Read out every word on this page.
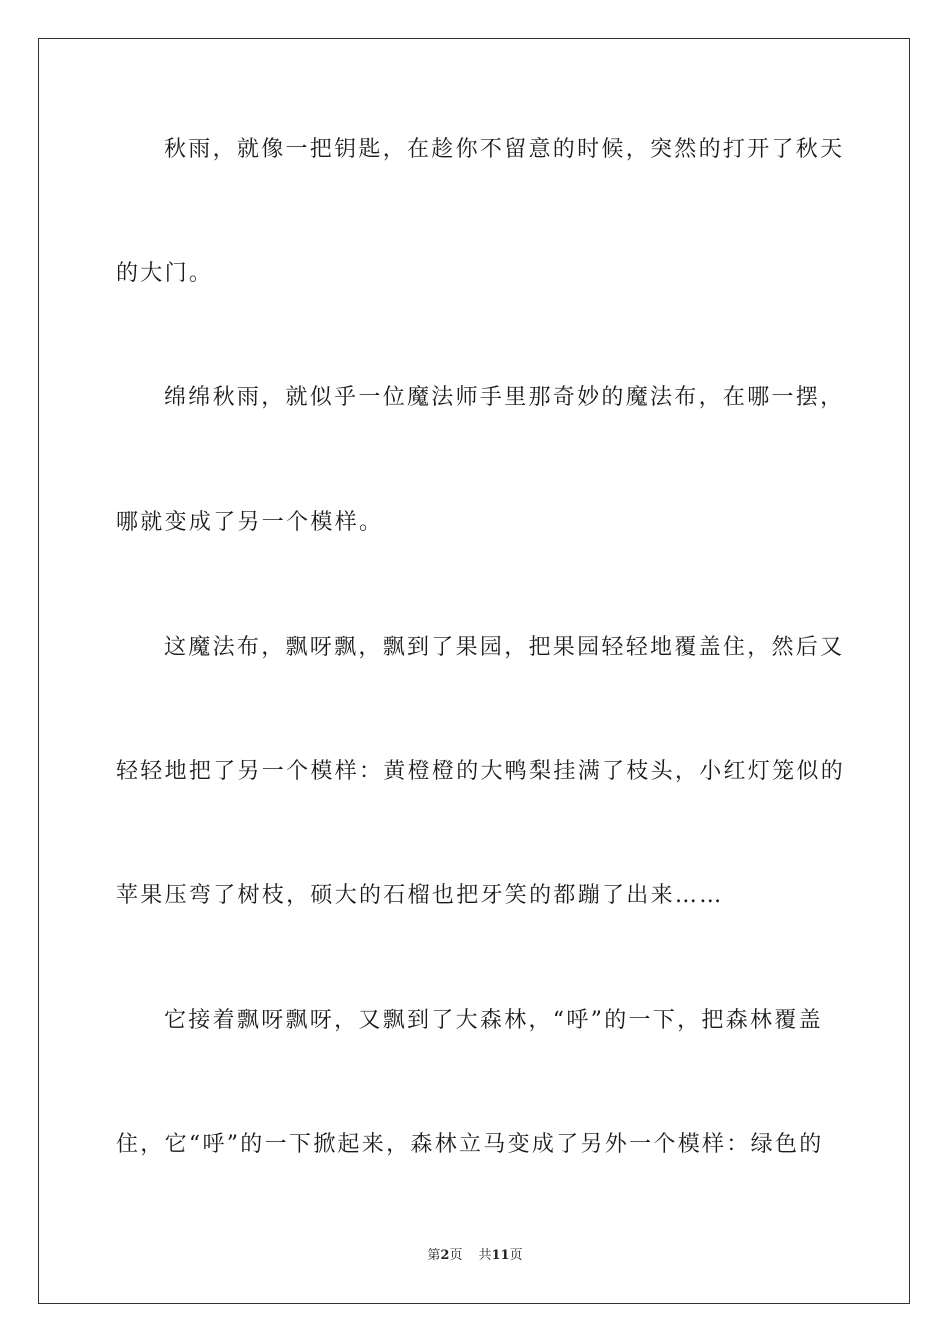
秋雨，就像一把钥匙，在趁你不留意的时候，突然的打开了秋天
的大门。
绵绵秋雨，就似乎一位魔法师手里那奇妙的魔法布，在哪一摆，
哪就变成了另一个模样。
这魔法布，飘呀飘，飘到了果园，把果园轻轻地覆盖住，然后又
轻轻地把了另一个模样：黄橙橙的大鸭梨挂满了枝头，小红灯笼似的
苹果压弯了树枝，硕大的石榴也把牙笑的都蹦了出来……
它接着飘呀飘呀，又飘到了大森林，“呼”的一下，把森林覆盖
住，它“呼”的一下掀起来，森林立马变成了另外一个模样：绿色的
第2页 共11页
